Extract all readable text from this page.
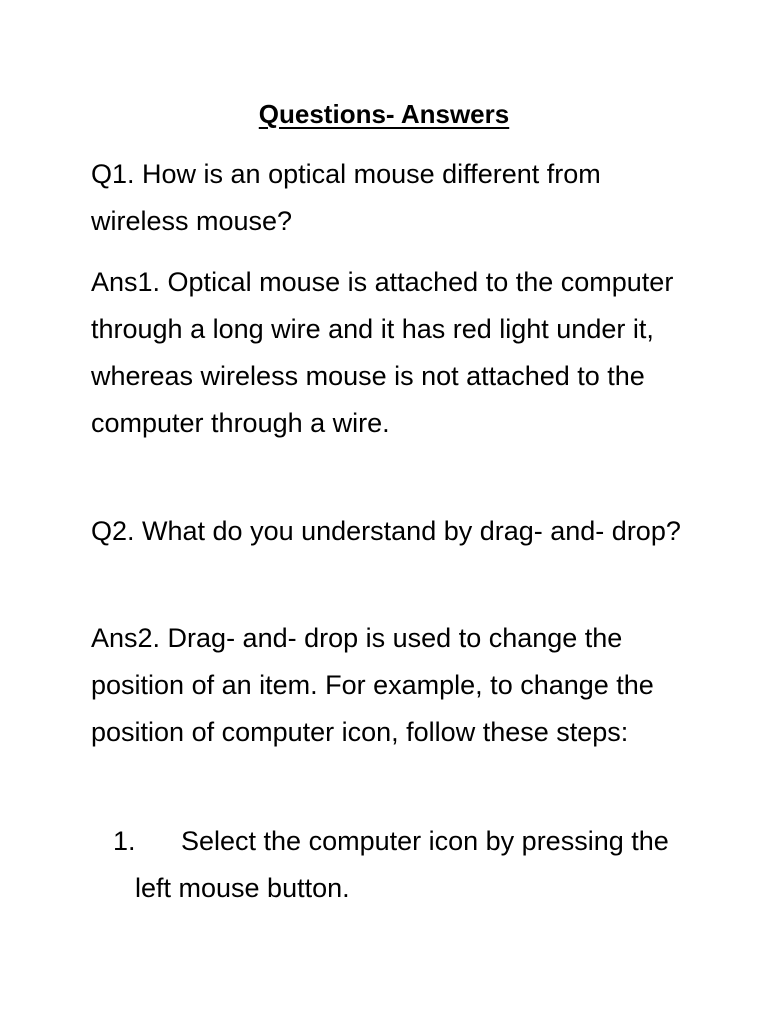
Questions- Answers

Q1. How is an optical mouse different from wireless mouse?

Ans1. Optical mouse is attached to the computer through a long wire and it has red light under it, whereas wireless mouse is not attached to the computer through a wire.

Q2. What do you understand by drag- and- drop?

Ans2. Drag- and- drop is used to change the position of an item. For example, to change the position of computer icon, follow these steps:

1.	Select the computer icon by pressing the left mouse button.
